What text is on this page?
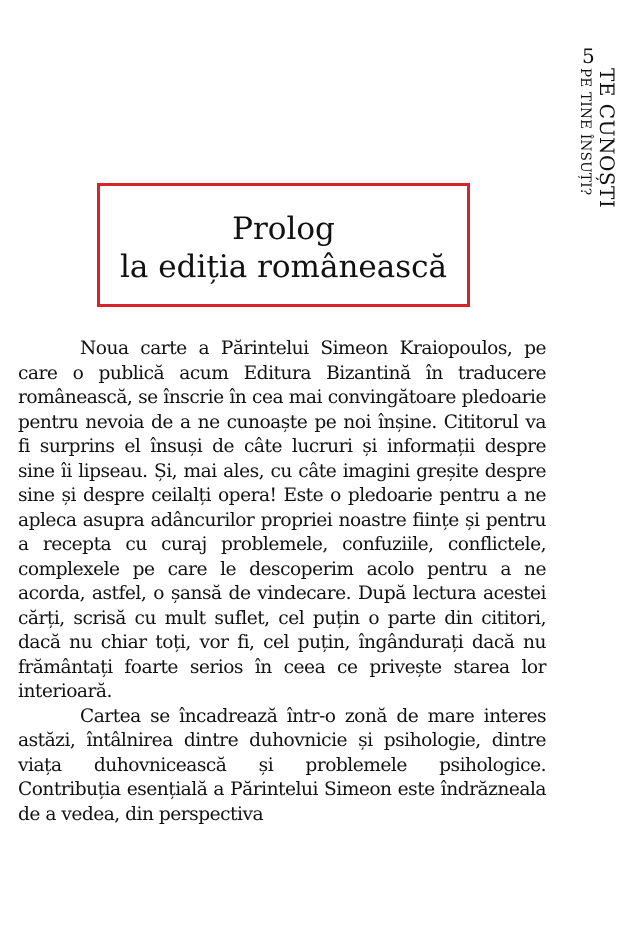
5
TE CUNOȘTI
PE TINE ÎNSUȚI?
Prolog
la ediția românească

Noua carte a Părintelui Simeon Kraiopoulos, pe care o publică acum Editura Bizantină în traducere românească, se înscrie în cea mai convingătoare pledoarie pentru nevoia de a ne cunoaște pe noi înșine. Cititorul va fi surprins el însuși de câte lucruri și informații despre sine îi lipseau. Și, mai ales, cu câte imagini greșite despre sine și despre ceilalți opera! Este o pledoarie pentru a ne apleca asupra adâncurilor propriei noastre ființe și pentru a recepta cu curaj problemele, confuziile, conflictele, complexele pe care le descoperim acolo pentru a ne acorda, astfel, o șansă de vindecare. După lectura acestei cărți, scrisă cu mult suflet, cel puțin o parte din cititori, dacă nu chiar toți, vor fi, cel puțin, îngândurați dacă nu frământați foarte serios în ceea ce privește starea lor interioară.

Cartea se încadrează într-o zonă de mare interes astăzi, întâlnirea dintre duhovnicie și psihologie, dintre viața duhovnicească și problemele psihologice. Contribuția esențială a Părintelui Simeon este îndrăzneala de a vedea, din perspectiva
